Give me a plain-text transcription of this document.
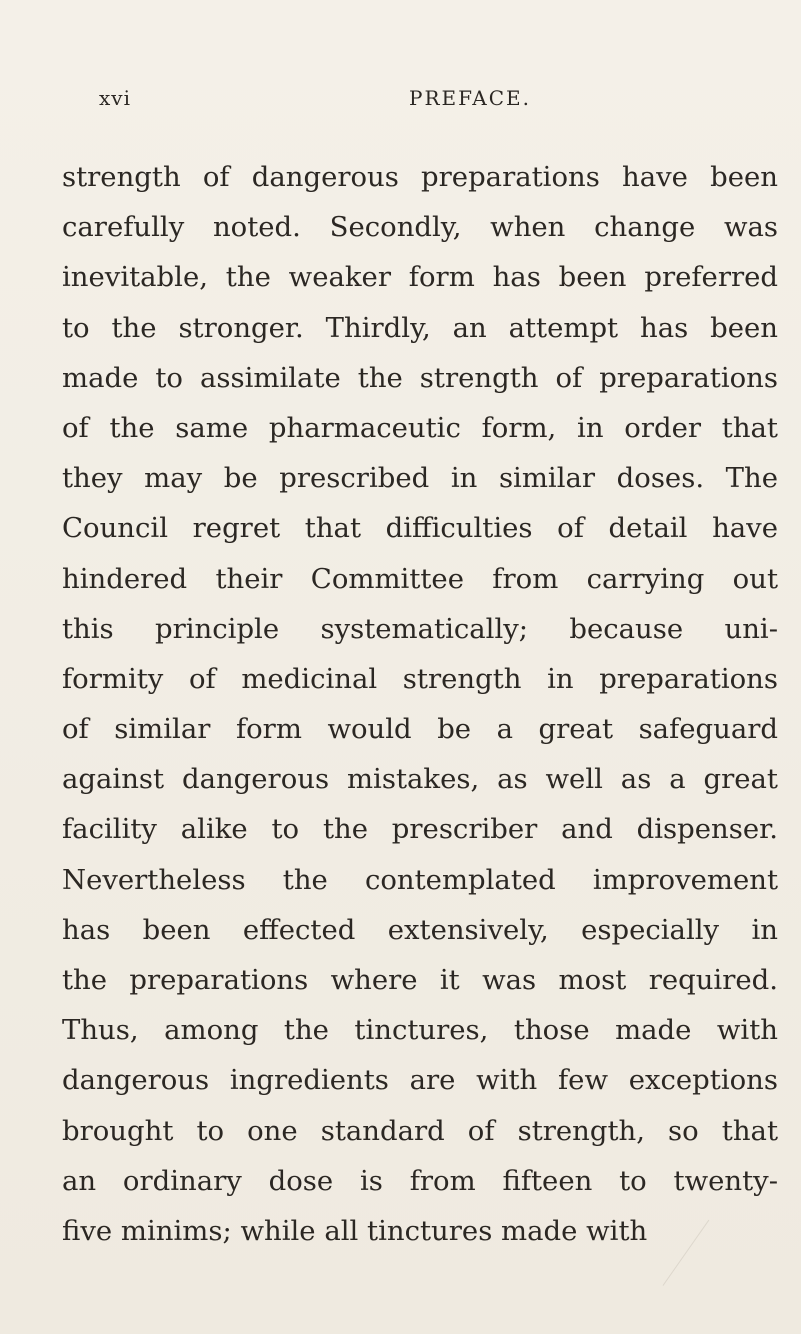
xvi	PREFACE.
strength of dangerous preparations have been
carefully noted. Secondly, when change was
inevitable, the weaker form has been preferred
to the stronger. Thirdly, an attempt has been
made to assimilate the strength of preparations
of the same pharmaceutic form, in order that
they may be prescribed in similar doses. The
Council regret that difficulties of detail have
hindered their Committee from carrying out
this principle systematically; because uni-
formity of medicinal strength in preparations
of similar form would be a great safeguard
against dangerous mistakes, as well as a great
facility alike to the prescriber and dispenser.
Nevertheless the contemplated improvement
has been effected extensively, especially in
the preparations where it was most required.
Thus, among the tinctures, those made with
dangerous ingredients are with few exceptions
brought to one standard of strength, so that
an ordinary dose is from fifteen to twenty-
five minims; while all tinctures made with
